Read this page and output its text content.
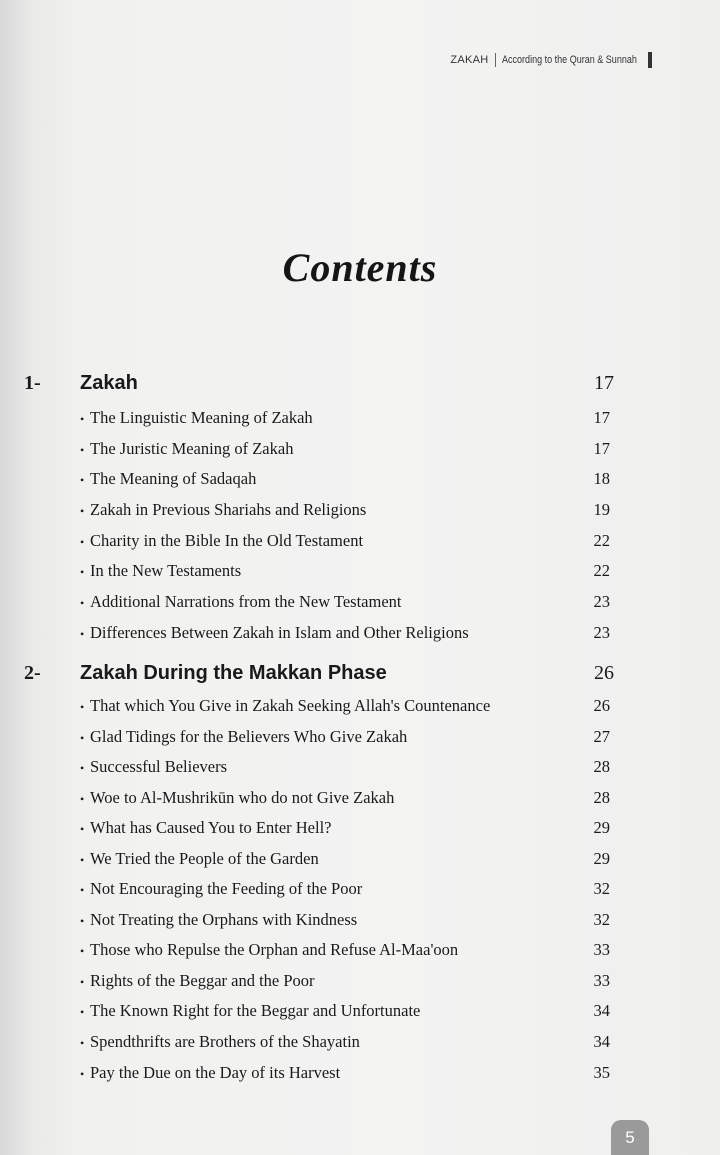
ZAKAH According to the Quran & Sunnah
Contents
1- Zakah	17
• The Linguistic Meaning of Zakah	17
• The Juristic Meaning of Zakah	17
• The Meaning of Sadaqah	18
• Zakah in Previous Shariahs and Religions	19
• Charity in the Bible In the Old Testament	22
• In the New Testaments	22
• Additional Narrations from the New Testament	23
• Differences Between Zakah in Islam and Other Religions	23
2- Zakah During the Makkan Phase	26
• That which You Give in Zakah Seeking Allah's Countenance	26
• Glad Tidings for the Believers Who Give Zakah	27
• Successful Believers	28
• Woe to Al-Mushrikūn who do not Give Zakah	28
• What has Caused You to Enter Hell?	29
• We Tried the People of the Garden	29
• Not Encouraging the Feeding of the Poor	32
• Not Treating the Orphans with Kindness	32
• Those who Repulse the Orphan and Refuse Al-Maa'oon	33
• Rights of the Beggar and the Poor	33
• The Known Right for the Beggar and Unfortunate	34
• Spendthrifts are Brothers of the Shayatin	34
• Pay the Due on the Day of its Harvest	35
5
